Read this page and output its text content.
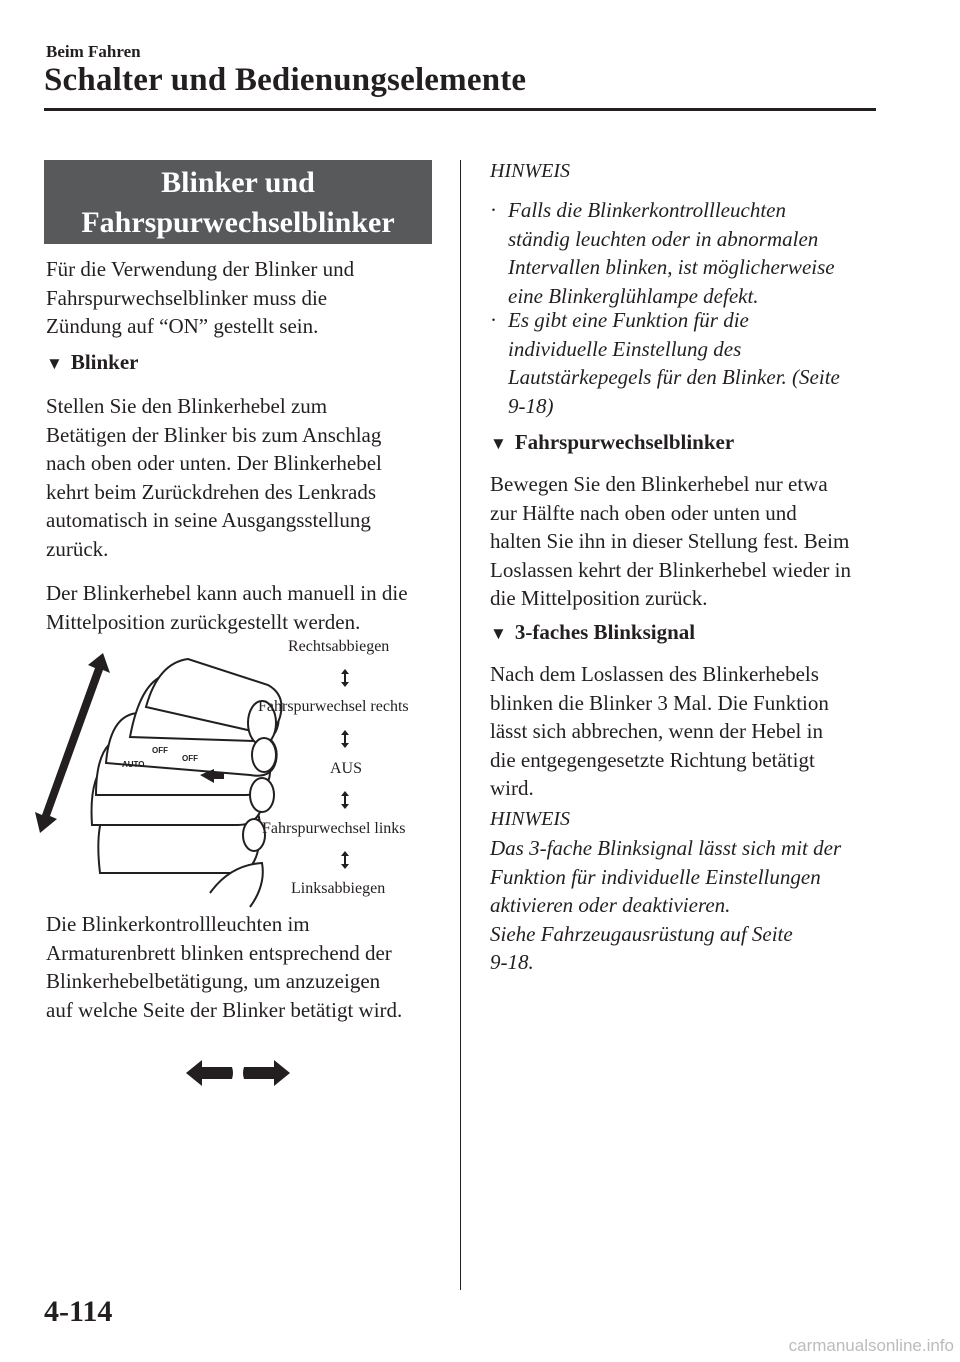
Beim Fahren
Schalter und Bedienungselemente
Blinker und
Fahrspurwechselblinker
Für die Verwendung der Blinker und
Fahrspurwechselblinker muss die
Zündung auf “ON” gestellt sein.
▼ Blinker
Stellen Sie den Blinkerhebel zum
Betätigen der Blinker bis zum Anschlag
nach oben oder unten. Der Blinkerhebel
kehrt beim Zurückdrehen des Lenkrads
automatisch in seine Ausgangsstellung
zurück.
Der Blinkerhebel kann auch manuell in die
Mittelposition zurückgestellt werden.
OFF
OFF
AUTO
Rechtsabbiegen
Fahrspurwechsel rechts
AUS
Fahrspurwechsel links
Linksabbiegen
Die Blinkerkontrollleuchten im
Armaturenbrett blinken entsprechend der
Blinkerhebelbetätigung, um anzuzeigen
auf welche Seite der Blinker betätigt wird.
HINWEIS
· Falls die Blinkerkontrollleuchten
ständig leuchten oder in abnormalen
Intervallen blinken, ist möglicherweise
eine Blinkerglühlampe defekt.
· Es gibt eine Funktion für die
individuelle Einstellung des
Lautstärkepegels für den Blinker. (Seite
9-18)
▼ Fahrspurwechselblinker
Bewegen Sie den Blinkerhebel nur etwa
zur Hälfte nach oben oder unten und
halten Sie ihn in dieser Stellung fest. Beim
Loslassen kehrt der Blinkerhebel wieder in
die Mittelposition zurück.
▼ 3-faches Blinksignal
Nach dem Loslassen des Blinkerhebels
blinken die Blinker 3 Mal. Die Funktion
lässt sich abbrechen, wenn der Hebel in
die entgegengesetzte Richtung betätigt
wird.
HINWEIS
Das 3-fache Blinksignal lässt sich mit der
Funktion für individuelle Einstellungen
aktivieren oder deaktivieren.
Siehe Fahrzeugausrüstung auf Seite
9-18.
4-114
carmanualsonline.info
